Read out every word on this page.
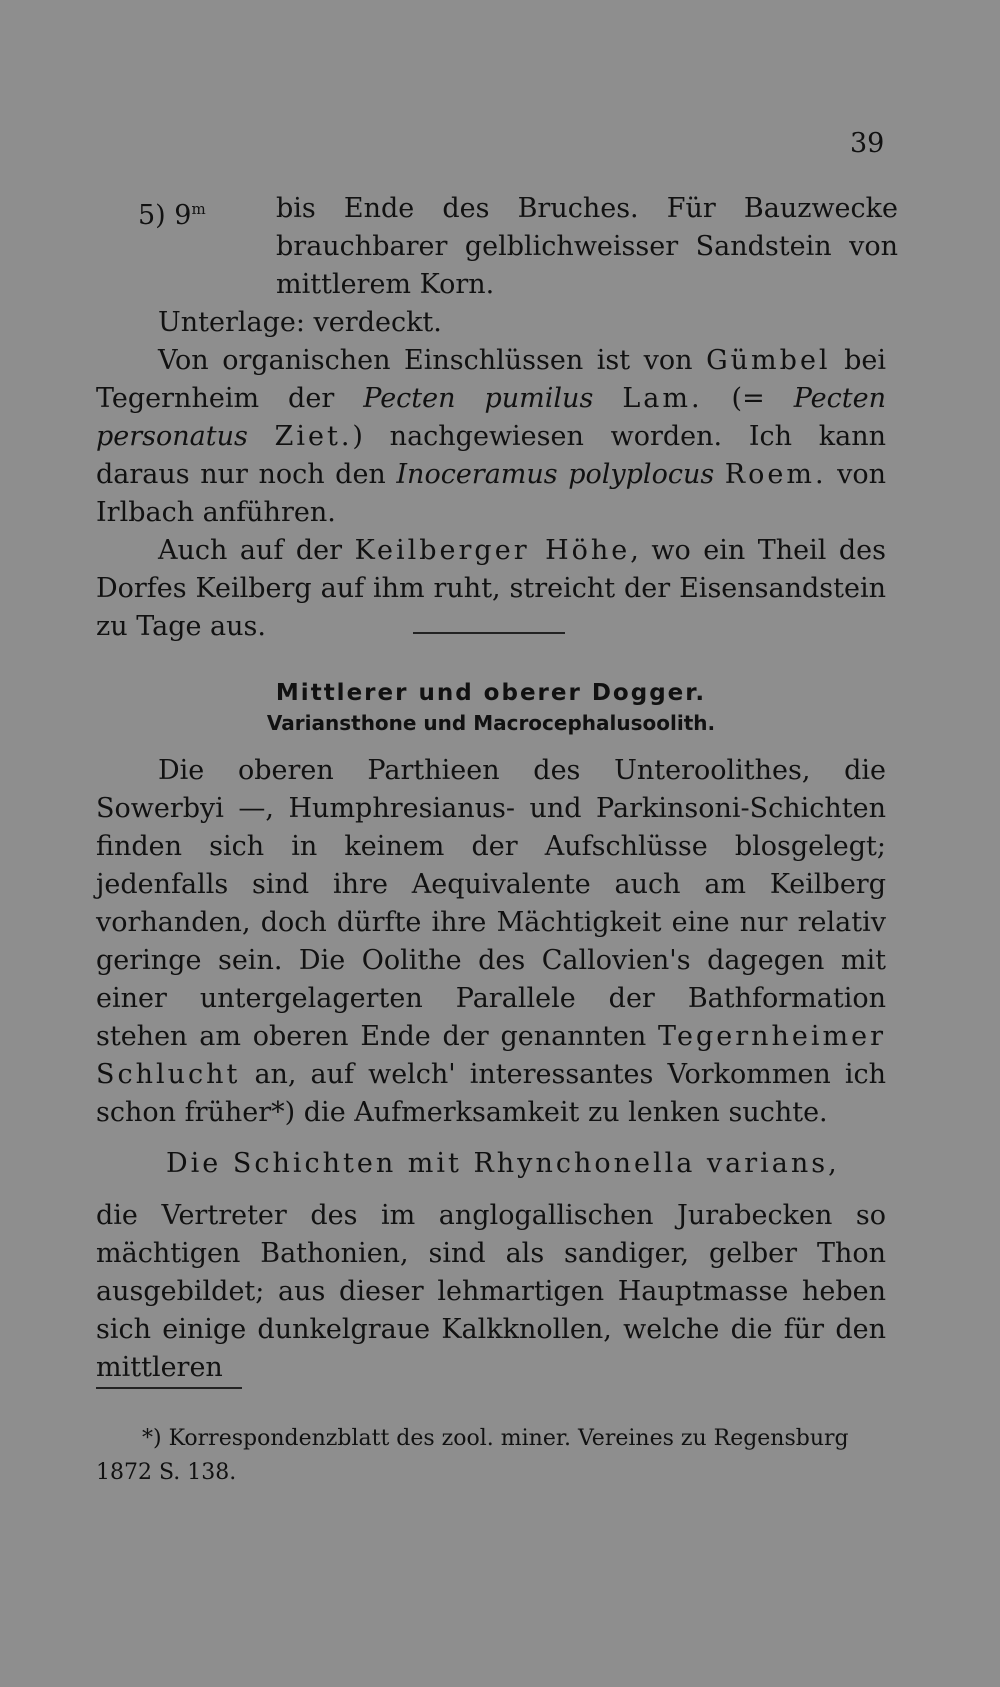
39
5) 9$^m$	bis Ende des Bruches. Für Bauzwecke brauchbarer gelblichweisser Sandstein von mittlerem Korn.
Unterlage: verdeckt.
Von organischen Einschlüssen ist von Gümbel bei Tegernheim der Pecten pumilus Lam. (= Pecten personatus Ziet.) nachgewiesen worden. Ich kann daraus nur noch den Inoceramus polyplocus Roem. von Irlbach anführen.
Auch auf der Keilberger Höhe, wo ein Theil des Dorfes Keilberg auf ihm ruht, streicht der Eisensandstein zu Tage aus.
Mittlerer und oberer Dogger.
Variansthone und Macrocephalusoolith.
Die oberen Parthieen des Unteroolithes, die Sowerbyi —, Humphresianus- und Parkinsoni-Schichten finden sich in keinem der Aufschlüsse blosgelegt; jedenfalls sind ihre Aequivalente auch am Keilberg vorhanden, doch dürfte ihre Mächtigkeit eine nur relativ geringe sein. Die Oolithe des Callovien's dagegen mit einer untergelagerten Parallele der Bathformation stehen am oberen Ende der genannten Tegernheimer Schlucht an, auf welch' interessantes Vorkommen ich schon früher*) die Aufmerksamkeit zu lenken suchte.
Die Schichten mit Rhynchonella varians,
die Vertreter des im anglogallischen Jurabecken so mächtigen Bathonien, sind als sandiger, gelber Thon ausgebildet; aus dieser lehmartigen Hauptmasse heben sich einige dunkelgraue Kalkknollen, welche die für den mittleren
*) Korrespondenzblatt des zool. miner. Vereines zu Regensburg
1872 S. 138.
